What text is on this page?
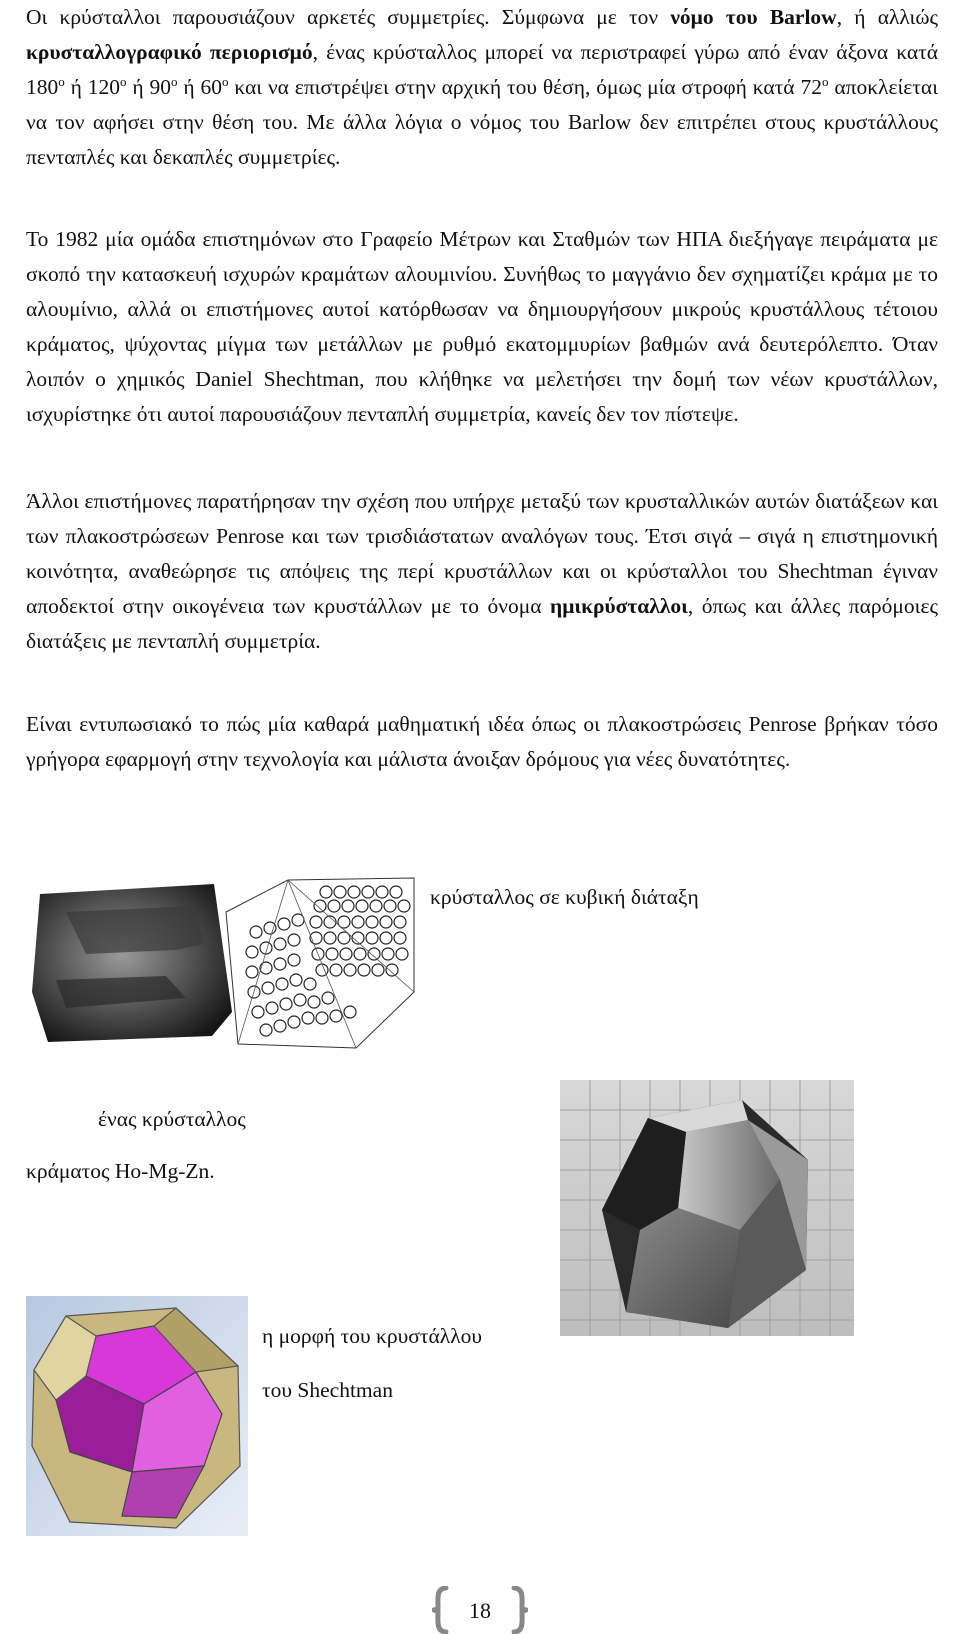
Οι κρύσταλλοι παρουσιάζουν αρκετές συμμετρίες. Σύμφωνα με τον νόμο του Barlow, ή αλλιώς κρυσταλλογραφικό περιορισμό, ένας κρύσταλλος μπορεί να περιστραφεί γύρω από έναν άξονα κατά $180^o$ ή $120^o$ ή $90^o$ ή $60^o$ και να επιστρέψει στην αρχική του θέση, όμως μία στροφή κατά $72^o$ αποκλείεται να τον αφήσει στην θέση του. Με άλλα λόγια ο νόμος του Barlow δεν επιτρέπει στους κρυστάλλους πενταπλές και δεκαπλές συμμετρίες.

Το 1982 μία ομάδα επιστημόνων στο Γραφείο Μέτρων και Σταθμών των ΗΠΑ διεξήγαγε πειράματα με σκοπό την κατασκευή ισχυρών κραμάτων αλουμινίου. Συνήθως το μαγγάνιο δεν σχηματίζει κράμα με το αλουμίνιο, αλλά οι επιστήμονες αυτοί κατόρθωσαν να δημιουργήσουν μικρούς κρυστάλλους τέτοιου κράματος, ψύχοντας μίγμα των μετάλλων με ρυθμό εκατομμυρίων βαθμών ανά δευτερόλεπτο. Όταν λοιπόν ο χημικός Daniel Shechtman, που κλήθηκε να μελετήσει την δομή των νέων κρυστάλλων, ισχυρίστηκε ότι αυτοί παρουσιάζουν πενταπλή συμμετρία, κανείς δεν τον πίστεψε.

Άλλοι επιστήμονες παρατήρησαν την σχέση που υπήρχε μεταξύ των κρυσταλλικών αυτών διατάξεων και των πλακοστρώσεων Penrose και των τρισδιάστατων αναλόγων τους. Έτσι σιγά – σιγά η επιστημονική κοινότητα, αναθεώρησε τις απόψεις της περί κρυστάλλων και οι κρύσταλλοι του Shechtman έγιναν αποδεκτοί στην οικογένεια των κρυστάλλων με το όνομα ημικρύσταλλοι, όπως και άλλες παρόμοιες διατάξεις με πενταπλή συμμετρία.

Είναι εντυπωσιακό το πώς μία καθαρά μαθηματική ιδέα όπως οι πλακοστρώσεις Penrose βρήκαν τόσο γρήγορα εφαρμογή στην τεχνολογία και μάλιστα άνοιξαν δρόμους για νέες δυνατότητες.

κρύσταλλος σε κυβική διάταξη

ένας κρύσταλλος

κράματος Ho-Mg-Zn.

η μορφή του κρυστάλλου

του Shechtman

18
